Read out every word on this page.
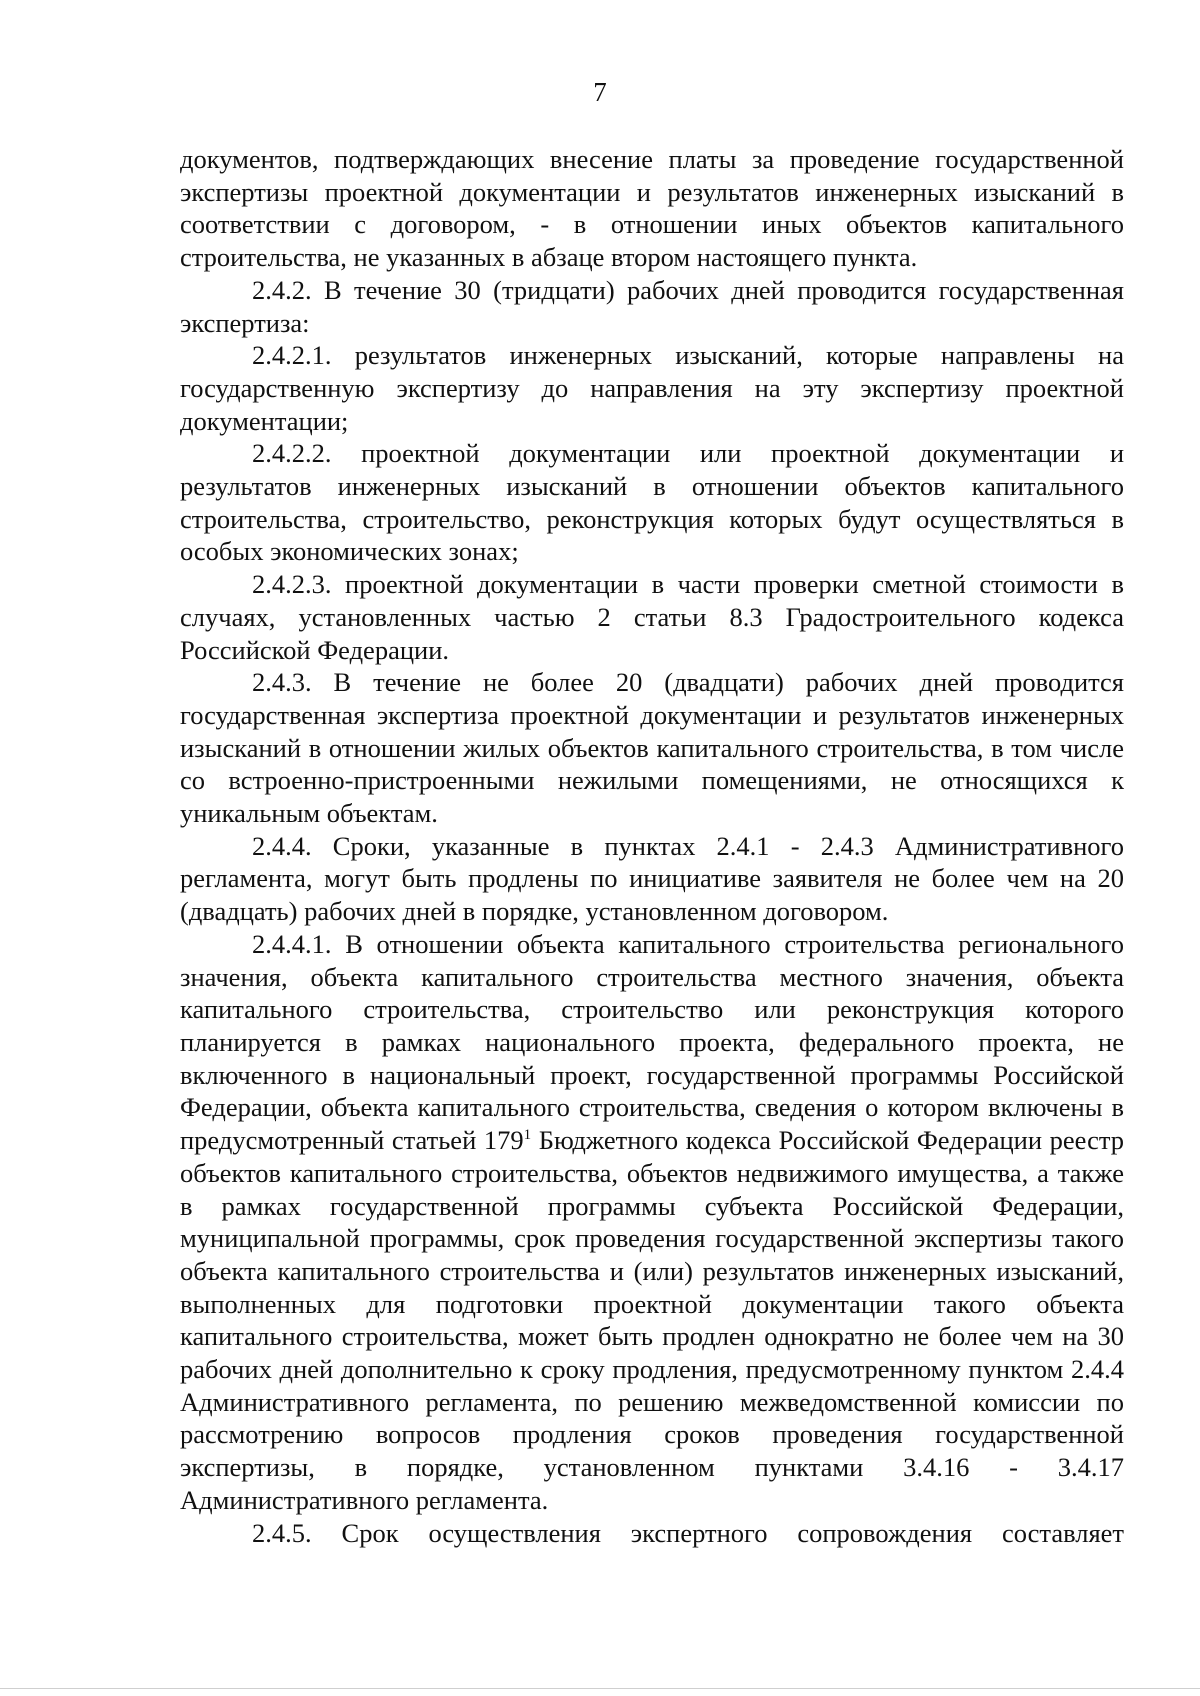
7

документов, подтверждающих внесение платы за проведение государственной экспертизы проектной документации и результатов инженерных изысканий в соответствии с договором, - в отношении иных объектов капитального строительства, не указанных в абзаце втором настоящего пункта.

2.4.2. В течение 30 (тридцати) рабочих дней проводится государственная экспертиза:

2.4.2.1. результатов инженерных изысканий, которые направлены на государственную экспертизу до направления на эту экспертизу проектной документации;

2.4.2.2. проектной документации или проектной документации и результатов инженерных изысканий в отношении объектов капитального строительства, строительство, реконструкция которых будут осуществляться в особых экономических зонах;

2.4.2.3. проектной документации в части проверки сметной стоимости в случаях, установленных частью 2 статьи 8.3 Градостроительного кодекса Российской Федерации.

2.4.3. В течение не более 20 (двадцати) рабочих дней проводится государственная экспертиза проектной документации и результатов инженерных изысканий в отношении жилых объектов капитального строительства, в том числе со встроенно-пристроенными нежилыми помещениями, не относящихся к уникальным объектам.

2.4.4. Сроки, указанные в пунктах 2.4.1 - 2.4.3 Административного регламента, могут быть продлены по инициативе заявителя не более чем на 20 (двадцать) рабочих дней в порядке, установленном договором.

2.4.4.1. В отношении объекта капитального строительства регионального значения, объекта капитального строительства местного значения, объекта капитального строительства, строительство или реконструкция которого планируется в рамках национального проекта, федерального проекта, не включенного в национальный проект, государственной программы Российской Федерации, объекта капитального строительства, сведения о котором включены в предусмотренный статьей $179^1$ Бюджетного кодекса Российской Федерации реестр объектов капитального строительства, объектов недвижимого имущества, а также в рамках государственной программы субъекта Российской Федерации, муниципальной программы, срок проведения государственной экспертизы такого объекта капитального строительства и (или) результатов инженерных изысканий, выполненных для подготовки проектной документации такого объекта капитального строительства, может быть продлен однократно не более чем на 30 рабочих дней дополнительно к сроку продления, предусмотренному пунктом 2.4.4 Административного регламента, по решению межведомственной комиссии по рассмотрению вопросов продления сроков проведения государственной экспертизы, в порядке, установленном пунктами 3.4.16 - 3.4.17 Административного регламента.

2.4.5. Срок осуществления экспертного сопровождения составляет
